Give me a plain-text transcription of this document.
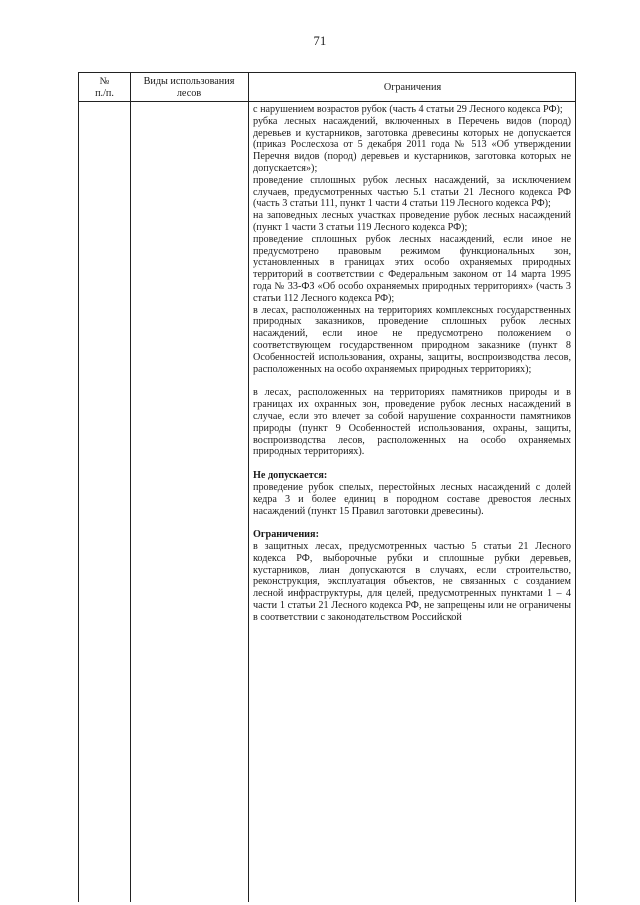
71
№
п./п.
Виды использования
лесов	Ограничения

с нарушением возрастов рубок (часть 4 статьи 29 Лесного кодекса РФ);

рубка лесных насаждений, включенных в Перечень видов (пород) деревьев и кустарников, заготовка древесины которых не допускается (приказ Рослесхоза от 5 декабря 2011 года № 513 «Об утверждении Перечня видов (пород) деревьев и кустарников, заготовка которых не допускается»);

проведение сплошных рубок лесных насаждений, за исключением случаев, предусмотренных частью 5.1 статьи 21 Лесного кодекса РФ (часть 3 статьи 111, пункт 1 части 4 статьи 119 Лесного кодекса РФ);

на заповедных лесных участках проведение рубок лесных насаждений (пункт 1 части 3 статьи 119 Лесного кодекса РФ);

проведение сплошных рубок лесных насаждений, если иное не предусмотрено правовым режимом функциональных зон, установленных в границах этих особо охраняемых природных территорий в соответствии с Федеральным законом от 14 марта 1995 года № 33-ФЗ «Об особо охраняемых природных территориях» (часть 3 статьи 112 Лесного кодекса РФ);

в лесах, расположенных на территориях комплексных государственных природных заказников, проведение сплошных рубок лесных насаждений, если иное не предусмотрено положением о соответствующем государственном природном заказнике (пункт 8 Особенностей использования, охраны, защиты, воспроизводства лесов, расположенных на особо охраняемых природных территориях);

в лесах, расположенных на территориях памятников природы и в границах их охранных зон, проведение рубок лесных насаждений в случае, если это влечет за собой нарушение сохранности памятников природы (пункт 9 Особенностей использования, охраны, защиты, воспроизводства лесов, расположенных на особо охраняемых природных территориях).

Не допускается:

проведение рубок спелых, перестойных лесных насаждений с долей кедра 3 и более единиц в породном составе древостоя лесных насаждений (пункт 15 Правил заготовки древесины).

Ограничения:

в защитных лесах, предусмотренных частью 5 статьи 21 Лесного кодекса РФ, выборочные рубки и сплошные рубки деревьев, кустарников, лиан допускаются в случаях, если строительство, реконструкция, эксплуатация объектов, не связанных с созданием лесной инфраструктуры, для целей, предусмотренных пунктами 1 – 4 части 1 статьи 21 Лесного кодекса РФ, не запрещены или не ограничены в соответствии с законодательством Российской
